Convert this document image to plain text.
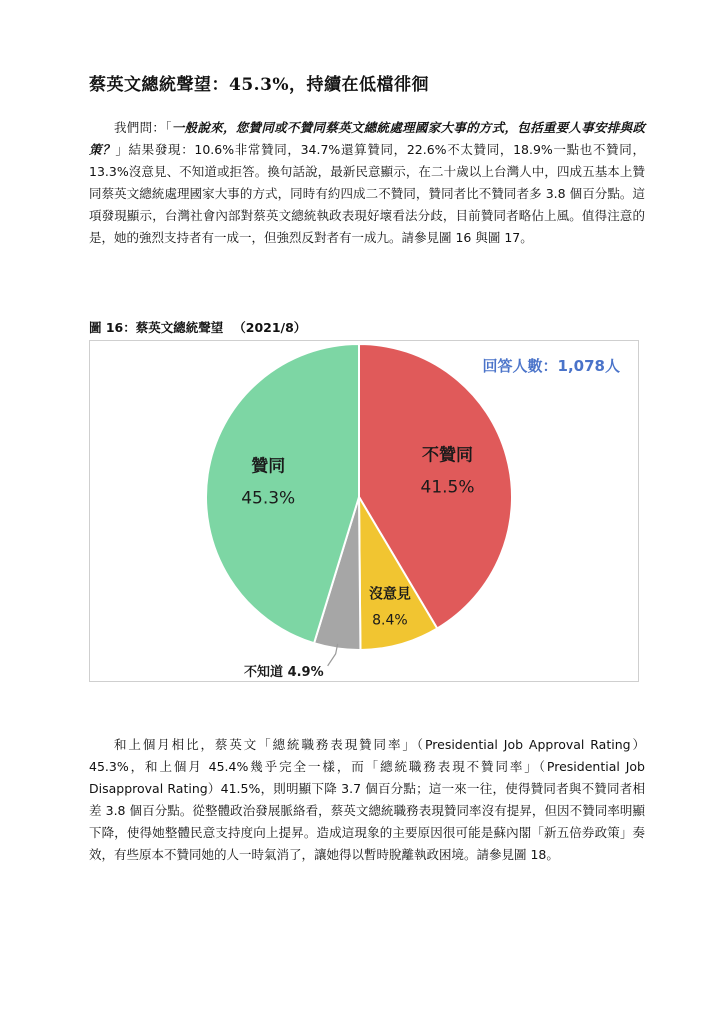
蔡英文總統聲望：45.3%，持續在低檔徘徊
我們問：「一般說來，您贊同或不贊同蔡英文總統處理國家大事的方式，包括重要人事安排與政策？」結果發現：10.6%非常贊同，34.7%還算贊同，22.6%不太贊同，18.9%一點也不贊同，13.3%沒意見、不知道或拒答。換句話說，最新民意顯示，在二十歲以上台灣人中，四成五基本上贊同蔡英文總統處理國家大事的方式，同時有約四成二不贊同，贊同者比不贊同者多 3.8 個百分點。這項發現顯示，台灣社會內部對蔡英文總統執政表現好壞看法分歧，目前贊同者略佔上風。值得注意的是，她的強烈支持者有一成一，但強烈反對者有一成九。請參見圖 16 與圖 17。
圖 16：蔡英文總統聲望 （2021/8）
回答人數：1,078人
不贊同
41.5%
沒意見
8.4%
不知道 4.9%
贊同
45.3%
和上個月相比，蔡英文「總統職務表現贊同率」（Presidential Job Approval Rating）45.3%，和上個月 45.4%幾乎完全一樣，而「總統職務表現不贊同率」（Presidential Job Disapproval Rating）41.5%，則明顯下降 3.7 個百分點；這一來一往，使得贊同者與不贊同者相差 3.8 個百分點。從整體政治發展脈絡看，蔡英文總統職務表現贊同率沒有提昇，但因不贊同率明顯下降，使得她整體民意支持度向上提昇。造成這現象的主要原因很可能是蘇內閣「新五倍券政策」奏效，有些原本不贊同她的人一時氣消了，讓她得以暫時脫離執政困境。請參見圖 18。
